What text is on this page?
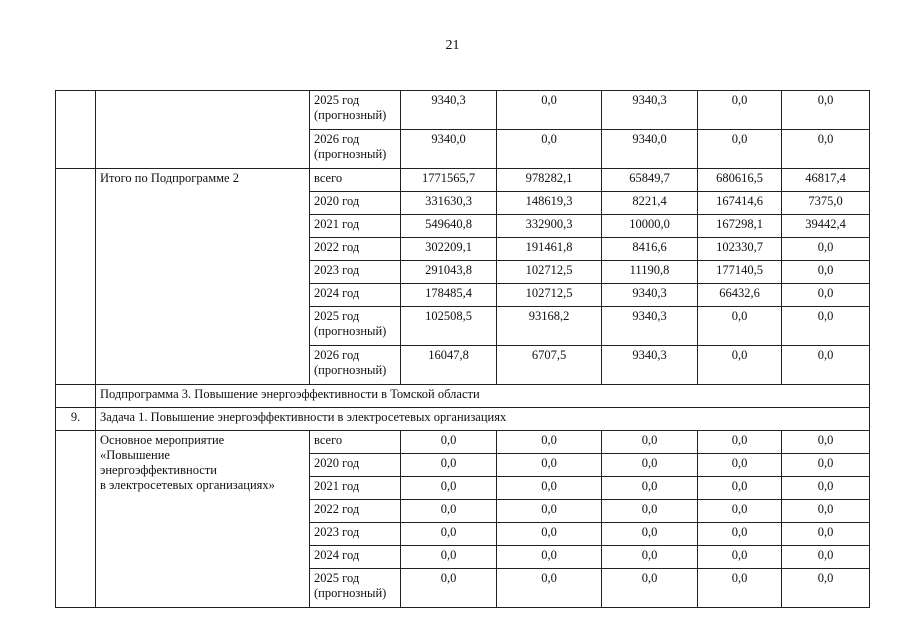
21
		2025 год (прогнозный)	9340,3	0,0	9340,3	0,0	0,0
		2026 год (прогнозный)	9340,0	0,0	9340,0	0,0	0,0
	Итого по Подпрограмме 2	всего	1771565,7	978282,1	65849,7	680616,5	46817,4
		2020 год	331630,3	148619,3	8221,4	167414,6	7375,0
		2021 год	549640,8	332900,3	10000,0	167298,1	39442,4
		2022 год	302209,1	191461,8	8416,6	102330,7	0,0
		2023 год	291043,8	102712,5	11190,8	177140,5	0,0
		2024 год	178485,4	102712,5	9340,3	66432,6	0,0
		2025 год (прогнозный)	102508,5	93168,2	9340,3	0,0	0,0
		2026 год (прогнозный)	16047,8	6707,5	9340,3	0,0	0,0
	Подпрограмма 3. Повышение энергоэффективности в Томской области						
9.	Задача 1. Повышение энергоэффективности в электросетевых организациях						

	Основное мероприятие
«Повышение
энергоэффективности
в электросетевых организациях»	всего	0,0	0,0	0,0	0,0	0,0
		2020 год	0,0	0,0	0,0	0,0	0,0
		2021 год	0,0	0,0	0,0	0,0	0,0
		2022 год	0,0	0,0	0,0	0,0	0,0
		2023 год	0,0	0,0	0,0	0,0	0,0
		2024 год	0,0	0,0	0,0	0,0	0,0
		2025 год (прогнозный)	0,0	0,0	0,0	0,0	0,0
